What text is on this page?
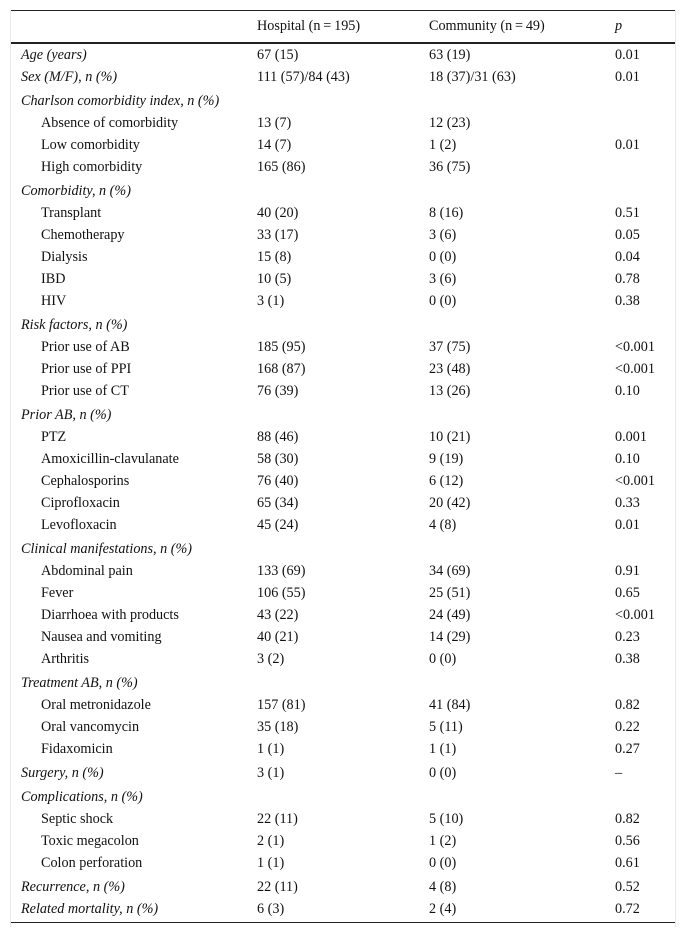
	Hospital (n = 195)	Community (n = 49)	p
Age (years)	67 (15)	63 (19)	0.01
Sex (M/F), n (%)	111 (57)/84 (43)	18 (37)/31 (63)	0.01
Charlson comorbidity index, n (%)			
Absence of comorbidity	13 (7)	12 (23)	
Low comorbidity	14 (7)	1 (2)	0.01
High comorbidity	165 (86)	36 (75)	
Comorbidity, n (%)			
Transplant	40 (20)	8 (16)	0.51
Chemotherapy	33 (17)	3 (6)	0.05
Dialysis	15 (8)	0 (0)	0.04
IBD	10 (5)	3 (6)	0.78
HIV	3 (1)	0 (0)	0.38
Risk factors, n (%)			
Prior use of AB	185 (95)	37 (75)	<0.001
Prior use of PPI	168 (87)	23 (48)	<0.001
Prior use of CT	76 (39)	13 (26)	0.10
Prior AB, n (%)			
PTZ	88 (46)	10 (21)	0.001
Amoxicillin-clavulanate	58 (30)	9 (19)	0.10
Cephalosporins	76 (40)	6 (12)	<0.001
Ciprofloxacin	65 (34)	20 (42)	0.33
Levofloxacin	45 (24)	4 (8)	0.01
Clinical manifestations, n (%)			
Abdominal pain	133 (69)	34 (69)	0.91
Fever	106 (55)	25 (51)	0.65
Diarrhoea with products	43 (22)	24 (49)	<0.001
Nausea and vomiting	40 (21)	14 (29)	0.23
Arthritis	3 (2)	0 (0)	0.38
Treatment AB, n (%)			
Oral metronidazole	157 (81)	41 (84)	0.82
Oral vancomycin	35 (18)	5 (11)	0.22
Fidaxomicin	1 (1)	1 (1)	0.27
Surgery, n (%)	3 (1)	0 (0)	–
Complications, n (%)			
Septic shock	22 (11)	5 (10)	0.82
Toxic megacolon	2 (1)	1 (2)	0.56
Colon perforation	1 (1)	0 (0)	0.61
Recurrence, n (%)	22 (11)	4 (8)	0.52
Related mortality, n (%)	6 (3)	2 (4)	0.72
